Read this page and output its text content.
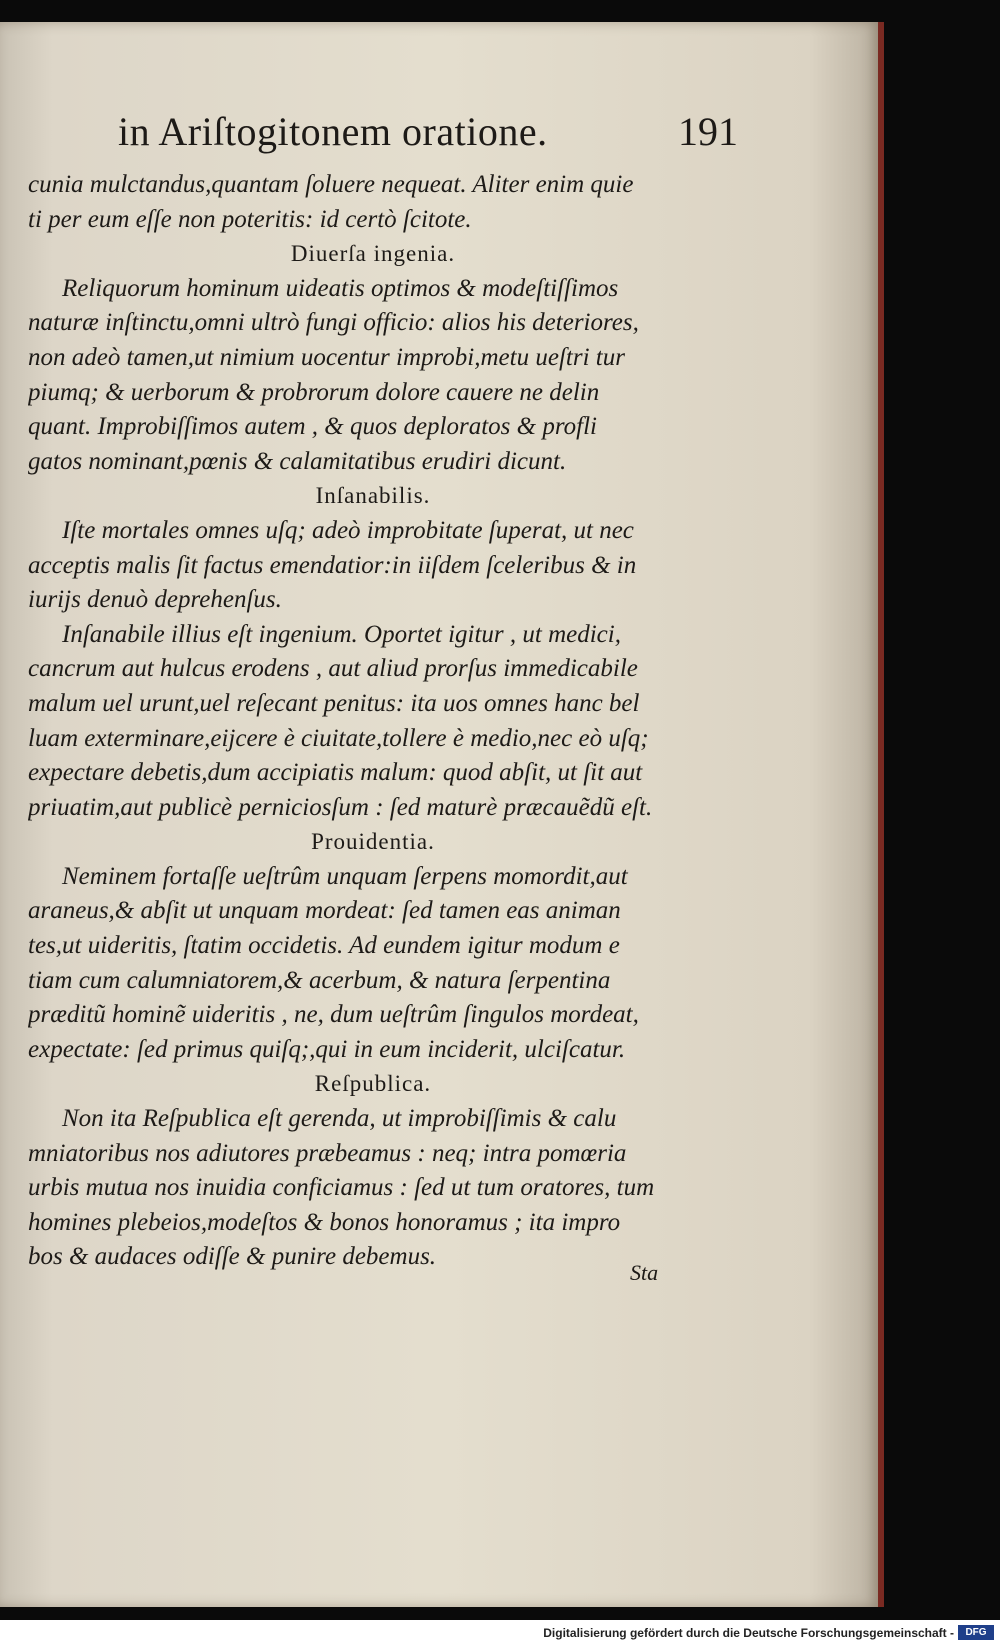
in Ariſtogitonem oratione.	191
cunia mulctandus,quantam ſoluere nequeat. Aliter enim quie
ti per eum eſſe non poteritis: id certò ſcitote.
Diuerſa ingenia.
Reliquorum hominum uideatis optimos & modeſtiſſimos
naturæ inſtinctu,omni ultrò fungi officio: alios his deteriores,
non adeò tamen,ut nimium uocentur improbi,metu ueſtri tur
piumq; & uerborum & probrorum dolore cauere ne delin
quant. Improbiſſimos autem , & quos deploratos & profli
gatos nominant,pœnis & calamitatibus erudiri dicunt.
Inſanabilis.
Iſte mortales omnes uſq; adeò improbitate ſuperat, ut nec
acceptis malis ſit factus emendatior:in iiſdem ſceleribus & in
iurijs denuò deprehenſus.
Inſanabile illius eſt ingenium. Oportet igitur , ut medici,
cancrum aut hulcus erodens , aut aliud prorſus immedicabile
malum uel urunt,uel reſecant penitus: ita uos omnes hanc bel
luam exterminare,eijcere è ciuitate,tollere è medio,nec eò uſq;
expectare debetis,dum accipiatis malum: quod abſit, ut ſit aut
priuatim,aut publicè perniciosſum : ſed maturè præcauẽdũ eſt.
Prouidentia.
Neminem fortaſſe ueſtrûm unquam ſerpens momordit,aut
araneus,& abſit ut unquam mordeat: ſed tamen eas animan
tes,ut uideritis, ſtatim occidetis. Ad eundem igitur modum e
tiam cum calumniatorem,& acerbum, & natura ſerpentina
præditũ hominẽ uideritis , ne, dum ueſtrûm ſingulos mordeat,
expectate: ſed primus quiſq;,qui in eum inciderit, ulciſcatur.
Reſpublica.
Non ita Reſpublica eſt gerenda, ut improbiſſimis & calu
mniatoribus nos adiutores præbeamus : neq; intra pomœria
urbis mutua nos inuidia conficiamus : ſed ut tum oratores, tum
homines plebeios,modeſtos & bonos honoramus ; ita impro
bos & audaces odiſſe & punire debemus.
Sta
Digitalisierung gefördert durch die Deutsche Forschungsgemeinschaft -	DFG
